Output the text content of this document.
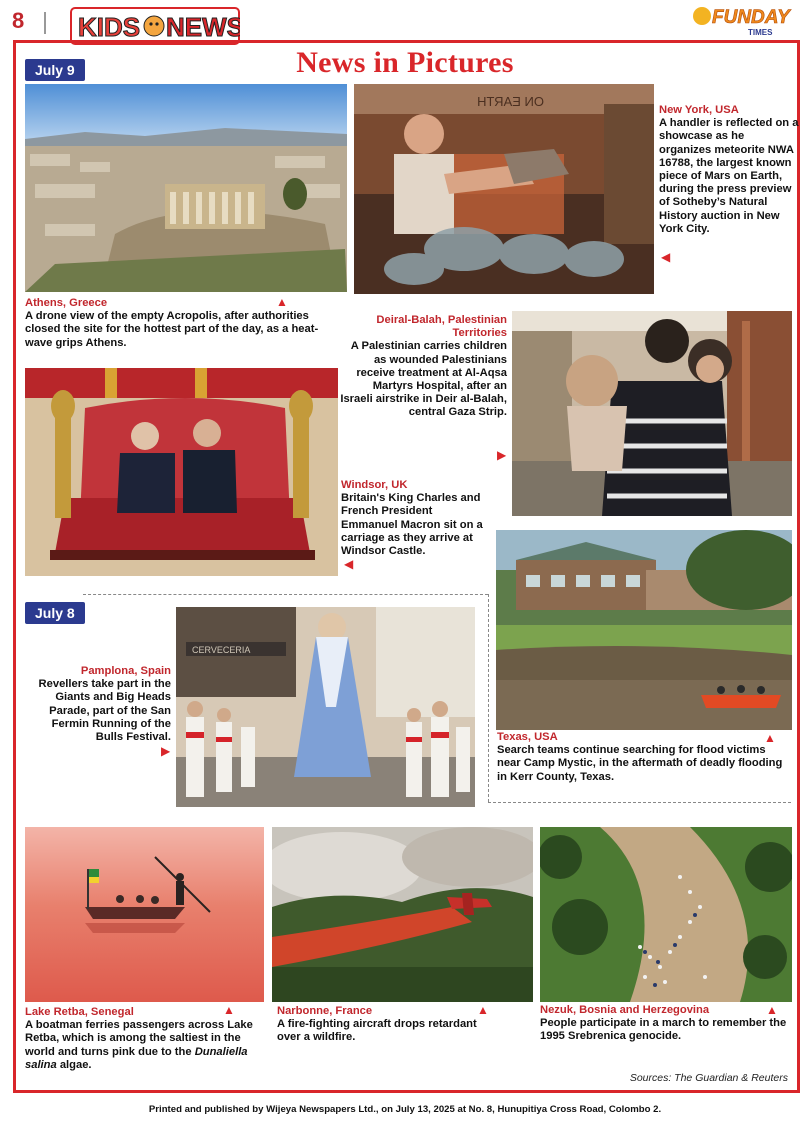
8 KIDS NEWS	FUNDAY
TIMES
July 9	News in Pictures
▲
Athens, Greece
A drone view of the empty Acropolis, after authorities closed the site for the hottest part of the day, as a heat-wave grips Athens.
ON EARTH
New York, USA
A handler is reflected on a showcase as he organizes meteorite NWA 16788, the largest known piece of Mars on Earth, during the press preview of Sotheby’s Natural History auction in New York City.
◀
Deiral-Balah, Palestinian Territories
A Palestinian carries children as wounded Palestinians receive treatment at Al-Aqsa Martyrs Hospital, after an Israeli airstrike in Deir al-Balah, central Gaza Strip.
▶
Windsor, UK
Britain's King Charles and French President Emmanuel Macron sit on a carriage as they arrive at Windsor Castle.
◀
▲
Texas, USA
Search teams continue searching for flood victims near Camp Mystic, in the aftermath of deadly flooding in Kerr County, Texas.
July 8
Pamplona, Spain
Revellers take part in the Giants and Big Heads Parade, part of the San Fermin Running of the Bulls Festival.
▶
CERVECERIA
▲
Lake Retba, Senegal
A boatman ferries passengers across Lake Retba, which is among the saltiest in the world and turns pink due to the Dunaliella salina algae.
▲
Narbonne, France
A fire-fighting aircraft drops retardant over a wildfire.
▲
Nezuk, Bosnia and Herzegovina
People participate in a march to remember the 1995 Srebrenica genocide.
Sources: The Guardian & Reuters
Printed and published by Wijeya Newspapers Ltd., on July 13, 2025 at No. 8, Hunupitiya Cross Road, Colombo 2.
